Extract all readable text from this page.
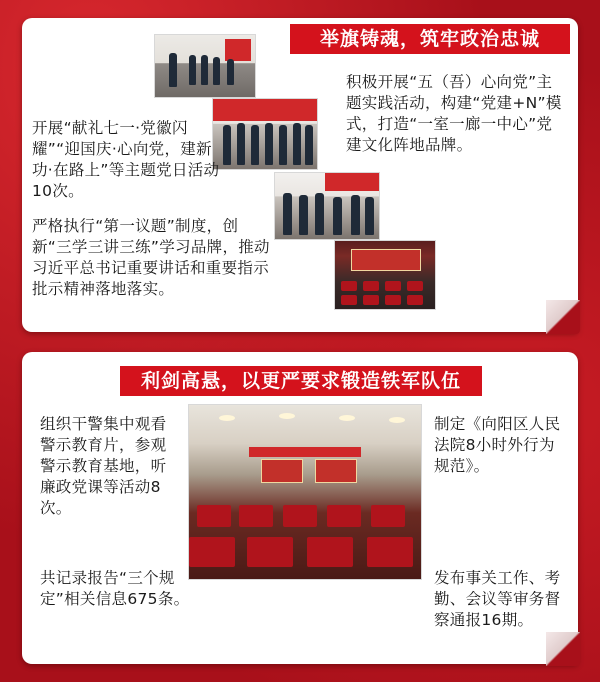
举旗铸魂，筑牢政治忠诚
积极开展“五（吾）心向党”主题实践活动，构建“党建+N”模式，打造“一室一廊一中心”党建文化阵地品牌。
开展“献礼七一·党徽闪耀”“迎国庆·心向党，建新功·在路上”等主题党日活动10次。
严格执行“第一议题”制度，创新“三学三讲三练”学习品牌，推动习近平总书记重要讲话和重要指示批示精神落地落实。
利剑高悬，以更严要求锻造铁军队伍
组织干警集中观看警示教育片，参观警示教育基地，听廉政党课等活动8次。
制定《向阳区人民法院8小时外行为规范》。
共记录报告“三个规定”相关信息675条。
发布事关工作、考勤、会议等审务督察通报16期。
